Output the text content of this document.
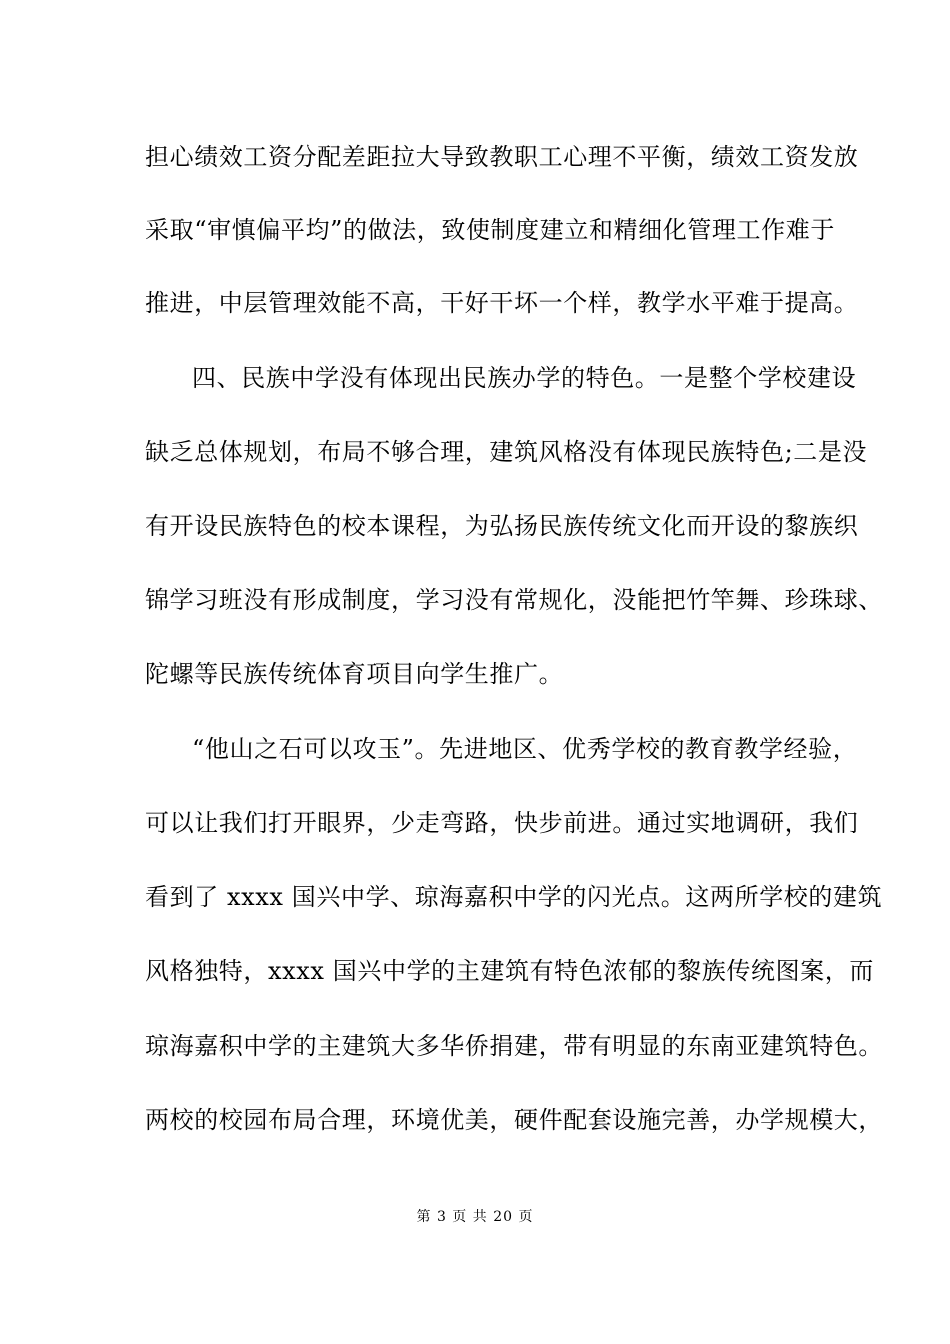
担心绩效工资分配差距拉大导致教职工心理不平衡，绩效工资发放
采取“审慎偏平均”的做法，致使制度建立和精细化管理工作难于
推进，中层管理效能不高，干好干坏一个样，教学水平难于提高。
四、民族中学没有体现出民族办学的特色。一是整个学校建设
缺乏总体规划，布局不够合理，建筑风格没有体现民族特色;二是没
有开设民族特色的校本课程，为弘扬民族传统文化而开设的黎族织
锦学习班没有形成制度，学习没有常规化，没能把竹竿舞、珍珠球、
陀螺等民族传统体育项目向学生推广。
“他山之石可以攻玉”。先进地区、优秀学校的教育教学经验，
可以让我们打开眼界，少走弯路，快步前进。通过实地调研，我们
看到了 xxxx 国兴中学、琼海嘉积中学的闪光点。这两所学校的建筑
风格独特，xxxx 国兴中学的主建筑有特色浓郁的黎族传统图案，而
琼海嘉积中学的主建筑大多华侨捐建，带有明显的东南亚建筑特色。
两校的校园布局合理，环境优美，硬件配套设施完善，办学规模大，
第 3 页 共 20 页
